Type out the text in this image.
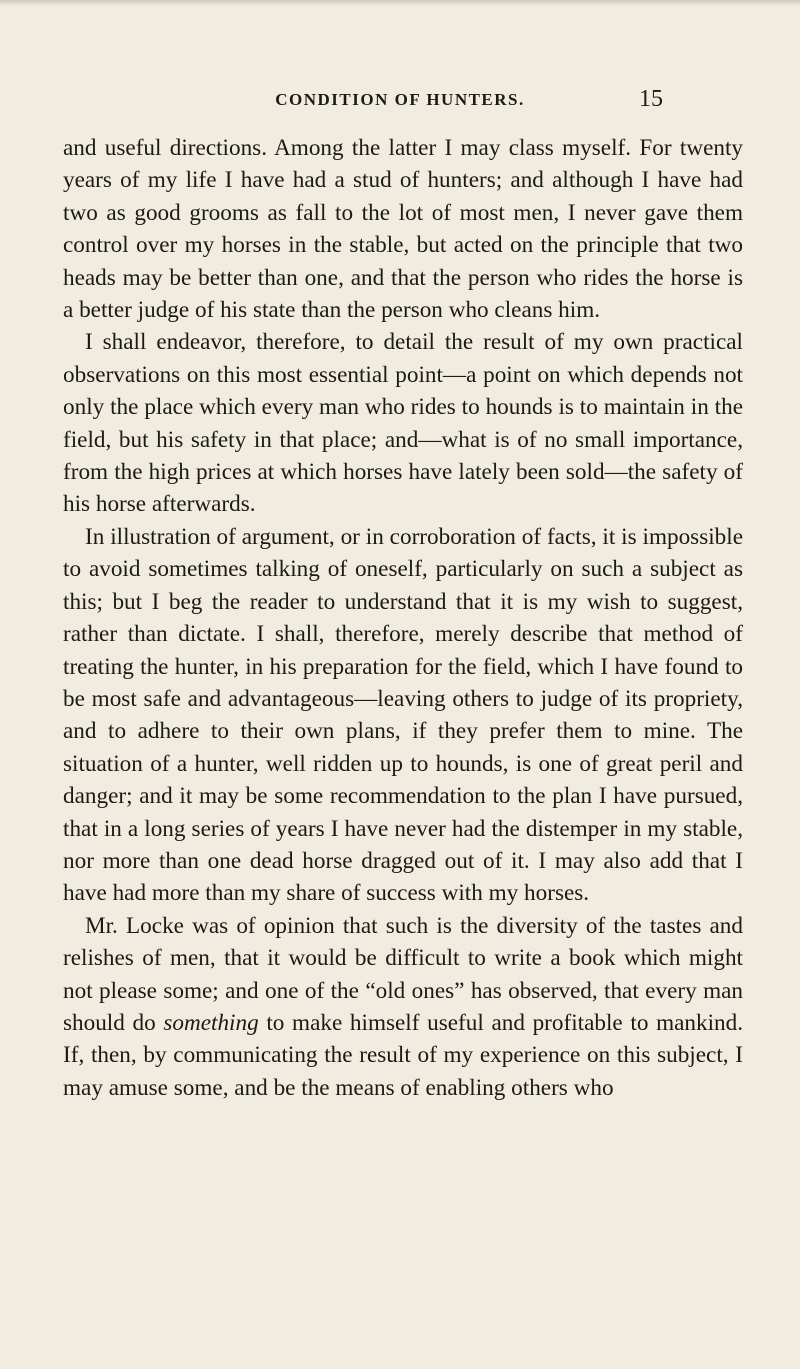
CONDITION OF HUNTERS.	15

and useful directions. Among the latter I may class myself. For twenty years of my life I have had a stud of hunters; and although I have had two as good grooms as fall to the lot of most men, I never gave them control over my horses in the stable, but acted on the principle that two heads may be better than one, and that the person who rides the horse is a better judge of his state than the person who cleans him.

I shall endeavor, therefore, to detail the result of my own practical observations on this most essential point—a point on which depends not only the place which every man who rides to hounds is to maintain in the field, but his safety in that place; and—what is of no small importance, from the high prices at which horses have lately been sold—the safety of his horse afterwards.

In illustration of argument, or in corroboration of facts, it is impossible to avoid sometimes talking of oneself, particularly on such a subject as this; but I beg the reader to understand that it is my wish to suggest, rather than dictate. I shall, therefore, merely describe that method of treating the hunter, in his preparation for the field, which I have found to be most safe and advantageous—leaving others to judge of its propriety, and to adhere to their own plans, if they prefer them to mine. The situation of a hunter, well ridden up to hounds, is one of great peril and danger; and it may be some recommendation to the plan I have pursued, that in a long series of years I have never had the distemper in my stable, nor more than one dead horse dragged out of it. I may also add that I have had more than my share of success with my horses.

Mr. Locke was of opinion that such is the diversity of the tastes and relishes of men, that it would be difficult to write a book which might not please some; and one of the “old ones” has observed, that every man should do something to make himself useful and profitable to mankind. If, then, by communicating the result of my experience on this subject, I may amuse some, and be the means of enabling others who
